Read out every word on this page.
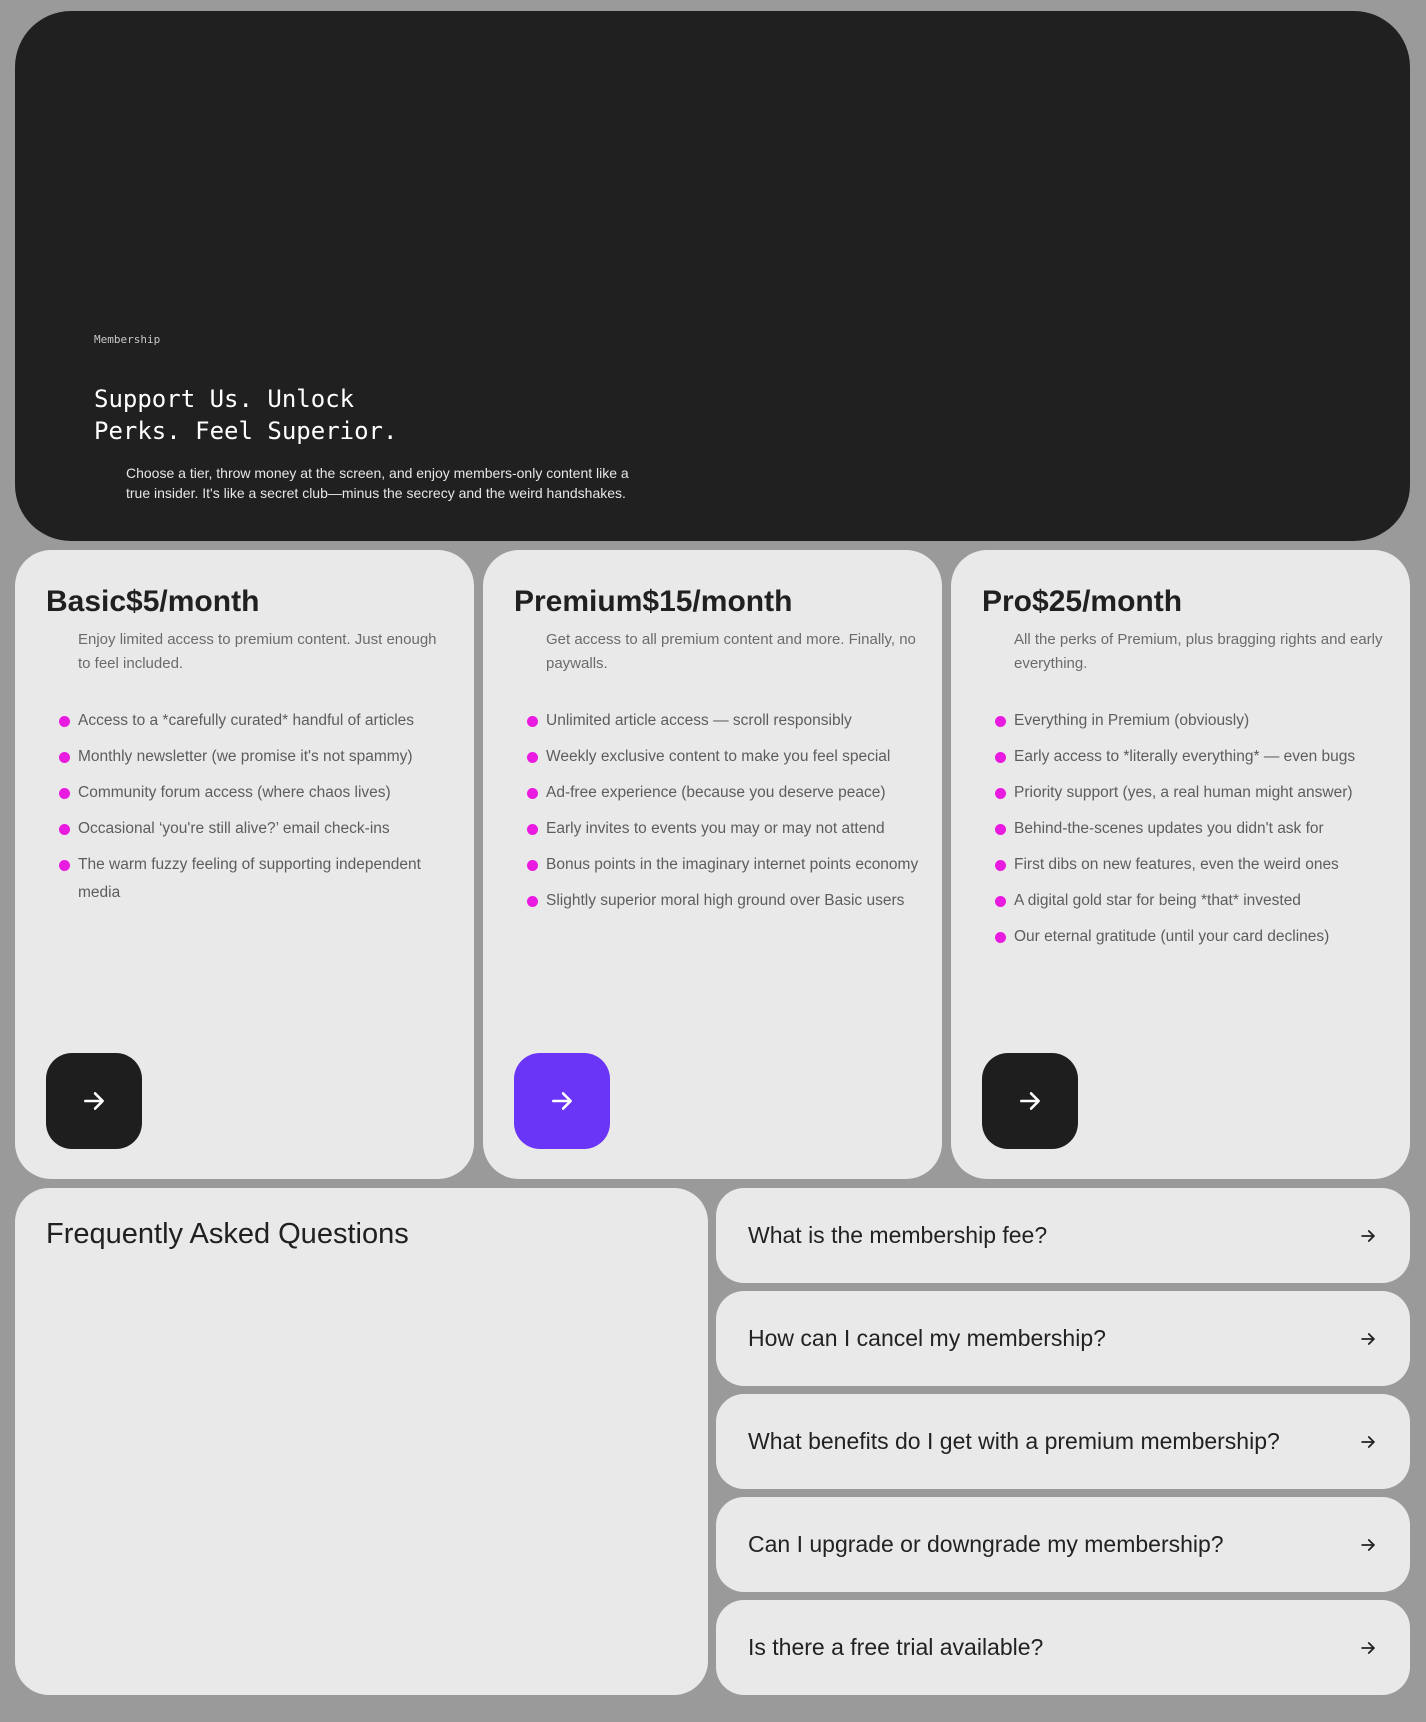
Membership
Support Us. Unlock Perks. Feel Superior.

Choose a tier, throw money at the screen, and enjoy members-only content like a true insider. It's like a secret club—minus the secrecy and the weird handshakes.

Basic$5/month

Enjoy limited access to premium content. Just enough to feel included.

Access to a *carefully curated* handful of articles
Monthly newsletter (we promise it's not spammy)
Community forum access (where chaos lives)
Occasional ‘you're still alive?’ email check-ins
The warm fuzzy feeling of supporting independent media
Premium$15/month

Get access to all premium content and more. Finally, no paywalls.

Unlimited article access — scroll responsibly
Weekly exclusive content to make you feel special
Ad-free experience (because you deserve peace)
Early invites to events you may or may not attend
Bonus points in the imaginary internet points economy
Slightly superior moral high ground over Basic users
Pro$25/month

All the perks of Premium, plus bragging rights and early everything.

Everything in Premium (obviously)
Early access to *literally everything* — even bugs
Priority support (yes, a real human might answer)
Behind-the-scenes updates you didn't ask for
First dibs on new features, even the weird ones
A digital gold star for being *that* invested
Our eternal gratitude (until your card declines)
Frequently Asked Questions	What is the membership fee?
How can I cancel my membership?
What benefits do I get with a premium membership?
Can I upgrade or downgrade my membership?
Is there a free trial available?
